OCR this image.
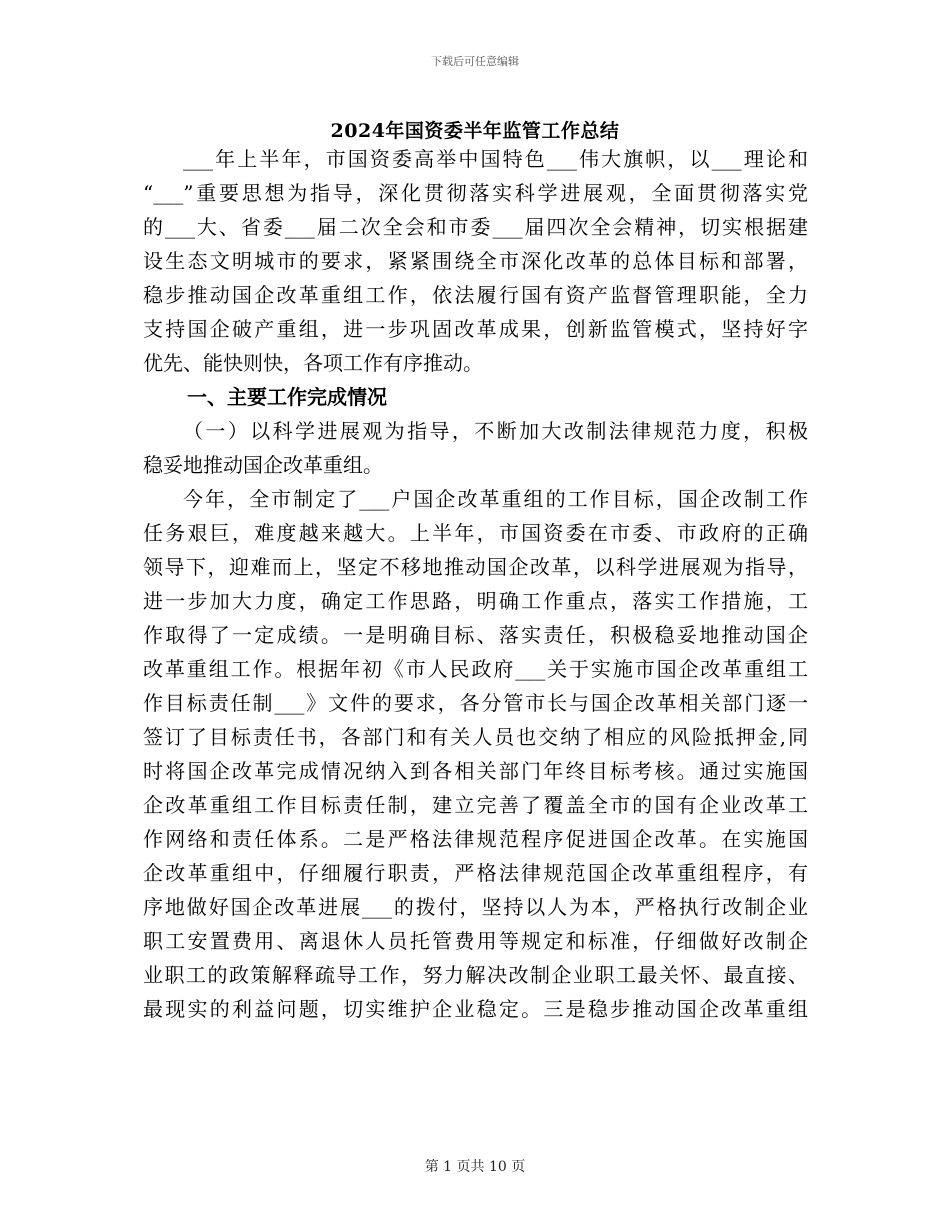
下载后可任意编辑
2024年国资委半年监管工作总结
___年上半年，市国资委高举中国特色___伟大旗帜，以___理论和
“___”重要思想为指导，深化贯彻落实科学进展观，全面贯彻落实党
的___大、省委___届二次全会和市委___届四次全会精神，切实根据建
设生态文明城市的要求，紧紧围绕全市深化改革的总体目标和部署，
稳步推动国企改革重组工作，依法履行国有资产监督管理职能，全力
支持国企破产重组，进一步巩固改革成果，创新监管模式，坚持好字
优先、能快则快，各项工作有序推动。
一、主要工作完成情况
（一）以科学进展观为指导，不断加大改制法律规范力度，积极
稳妥地推动国企改革重组。
今年，全市制定了___户国企改革重组的工作目标，国企改制工作
任务艰巨，难度越来越大。上半年，市国资委在市委、市政府的正确
领导下，迎难而上，坚定不移地推动国企改革，以科学进展观为指导，
进一步加大力度，确定工作思路，明确工作重点，落实工作措施，工
作取得了一定成绩。一是明确目标、落实责任，积极稳妥地推动国企
改革重组工作。根据年初《市人民政府___关于实施市国企改革重组工
作目标责任制___》文件的要求，各分管市长与国企改革相关部门逐一
签订了目标责任书，各部门和有关人员也交纳了相应的风险抵押金,同
时将国企改革完成情况纳入到各相关部门年终目标考核。通过实施国
企改革重组工作目标责任制，建立完善了覆盖全市的国有企业改革工
作网络和责任体系。二是严格法律规范程序促进国企改革。在实施国
企改革重组中，仔细履行职责，严格法律规范国企改革重组程序，有
序地做好国企改革进展___的拨付，坚持以人为本，严格执行改制企业
职工安置费用、离退休人员托管费用等规定和标准，仔细做好改制企
业职工的政策解释疏导工作，努力解决改制企业职工最关怀、最直接、
最现实的利益问题，切实维护企业稳定。三是稳步推动国企改革重组
第 1 页共 10 页
